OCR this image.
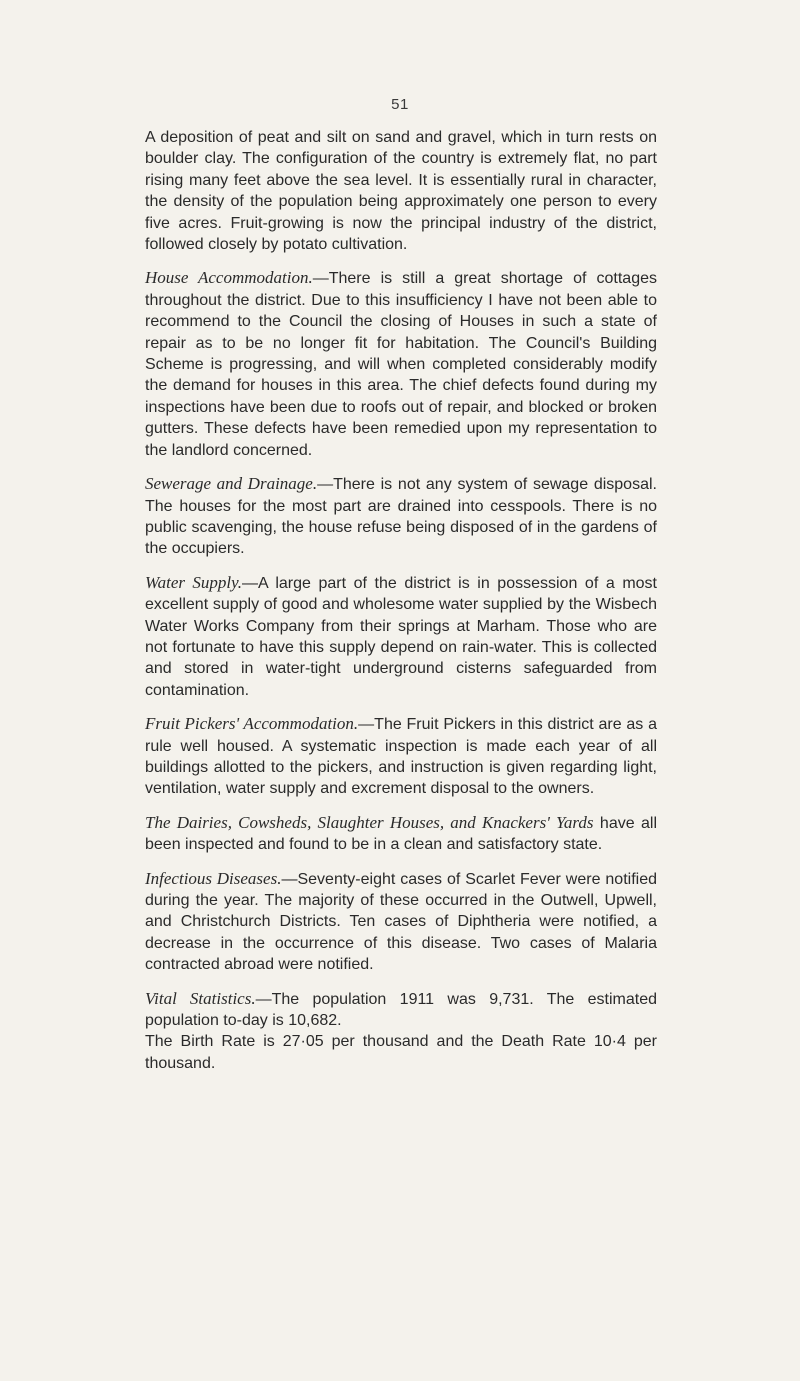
51

A deposition of peat and silt on sand and gravel, which in turn rests on boulder clay. The configuration of the country is extremely flat, no part rising many feet above the sea level. It is essentially rural in character, the density of the population being approximately one person to every five acres. Fruit-growing is now the principal industry of the district, followed closely by potato cultivation.

House Accommodation.—There is still a great shortage of cottages throughout the district. Due to this insufficiency I have not been able to recommend to the Council the closing of Houses in such a state of repair as to be no longer fit for habitation. The Council's Building Scheme is progressing, and will when completed considerably modify the demand for houses in this area. The chief defects found during my inspections have been due to roofs out of repair, and blocked or broken gutters. These defects have been remedied upon my representation to the landlord concerned.

Sewerage and Drainage.—There is not any system of sewage disposal. The houses for the most part are drained into cesspools. There is no public scavenging, the house refuse being disposed of in the gardens of the occupiers.

Water Supply.—A large part of the district is in possession of a most excellent supply of good and wholesome water supplied by the Wisbech Water Works Company from their springs at Marham. Those who are not fortunate to have this supply depend on rain-water. This is collected and stored in water-tight underground cisterns safeguarded from contamination.

Fruit Pickers' Accommodation.—The Fruit Pickers in this district are as a rule well housed. A systematic inspection is made each year of all buildings allotted to the pickers, and instruction is given regarding light, ventilation, water supply and excrement disposal to the owners.

The Dairies, Cowsheds, Slaughter Houses, and Knackers' Yards have all been inspected and found to be in a clean and satisfactory state.

Infectious Diseases.—Seventy-eight cases of Scarlet Fever were notified during the year. The majority of these occurred in the Outwell, Upwell, and Christchurch Districts. Ten cases of Diphtheria were notified, a decrease in the occurrence of this disease. Two cases of Malaria contracted abroad were notified.

Vital Statistics.—The population 1911 was 9,731. The estimated population to-day is 10,682.
The Birth Rate is 27·05 per thousand and the Death Rate 10·4 per thousand.
